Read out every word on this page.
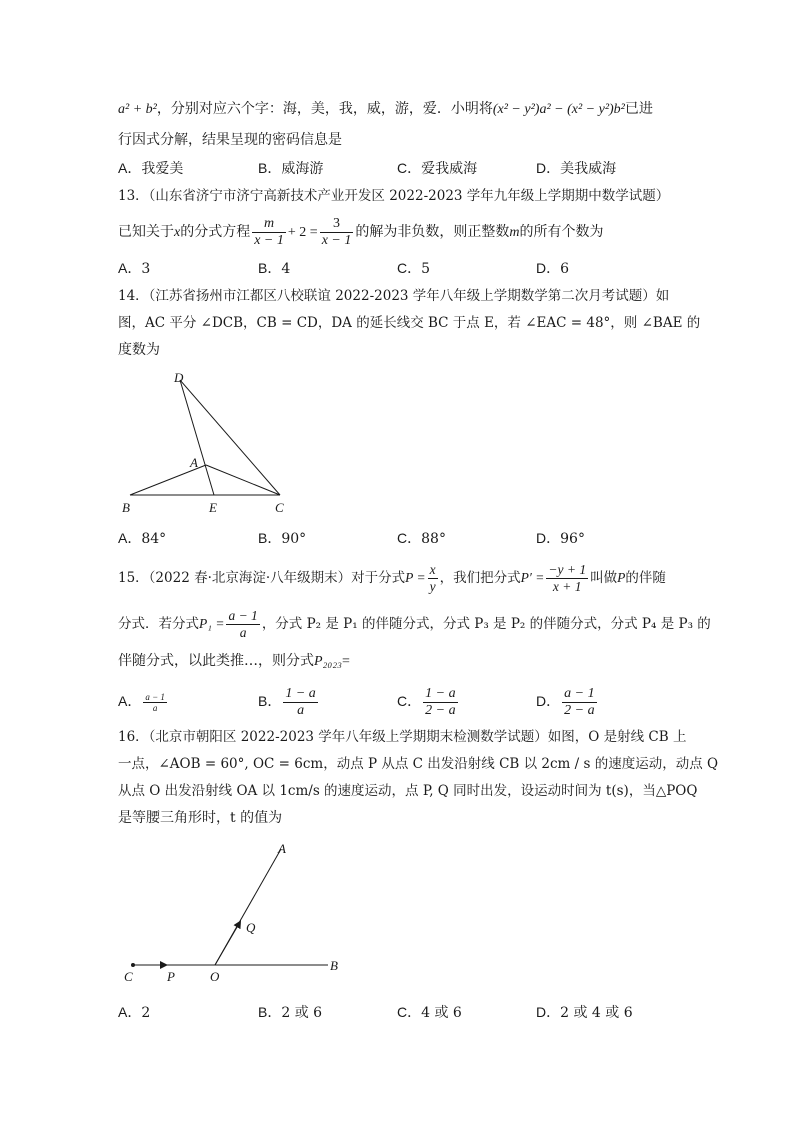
a² + b²，分别对应六个字：海，美，我，威，游，爱．小明将(x² − y²)a² − (x² − y²)b²已进
行因式分解，结果呈现的密码信息是
A．我爱美	B．威海游	C．爱我威海	D．美我威海
13．（山东省济宁市济宁高新技术产业开发区 2022-2023 学年九年级上学期期中数学试题）
已知关于x的分式方程 $\frac{m}{x - 1} + 2 = \frac{3}{x - 1}$ 的解为非负数，则正整数m的所有个数为
A．3	B．4	C．5	D．6
14．（江苏省扬州市江都区八校联谊 2022-2023 学年八年级上学期数学第二次月考试题）如
图，AC 平分 ∠DCB，CB = CD，DA 的延长线交 BC 于点 E，若 ∠EAC = 48°，则 ∠BAE 的
度数为
D
A
B	E	C
A．84°	B．90°	C．88°	D．96°
15．（2022 春·北京海淀·八年级期末）对于分式$P = \frac{x}{y}$ ，我们把分式$P' = \frac{-y + 1}{x + 1}$ 叫做P的伴随
分式．若分式$P_1 = \frac{a - 1}{a}$ ，分式 P₂ 是 P₁ 的伴随分式，分式 P₃ 是 P₂ 的伴随分式，分式 P₄ 是 P₃ 的
伴随分式，以此类推…，则分式P₂₀₂₃=
A． $\frac{a - 1}{a}$	B． $\frac{1 - a}{a}$	C． $\frac{1 - a}{2 - a}$	D． $\frac{a - 1}{2 - a}$
16．（北京市朝阳区 2022-2023 学年八年级上学期期末检测数学试题）如图，O 是射线 CB 上
一点，∠AOB = 60°, OC = 6cm，动点 P 从点 C 出发沿射线 CB 以 2cm / s 的速度运动，动点 Q
从点 O 出发沿射线 OA 以 1cm/s 的速度运动，点 P, Q 同时出发，设运动时间为 t(s)，当△POQ
是等腰三角形时，t 的值为
A
Q
C	P	O
B
A．2	B．2 或 6	C．4 或 6	D．2 或 4 或 6
